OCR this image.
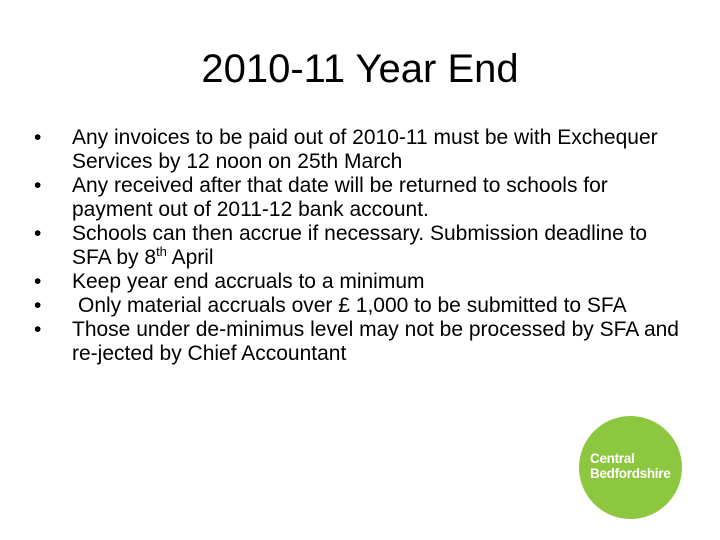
2010-11 Year End
• Any invoices to be paid out of 2010-11 must be with Exchequer Services by 12 noon on 25th March
• Any received after that date will be returned to schools for payment out of 2011-12 bank account.
• Schools can then accrue if necessary. Submission deadline to SFA by 8th April
• Keep year end accruals to a minimum
• Only material accruals over £ 1,000 to be submitted to SFA
• Those under de-minimus level may not be processed by SFA and re-jected by Chief Accountant
Central
Bedfordshire
